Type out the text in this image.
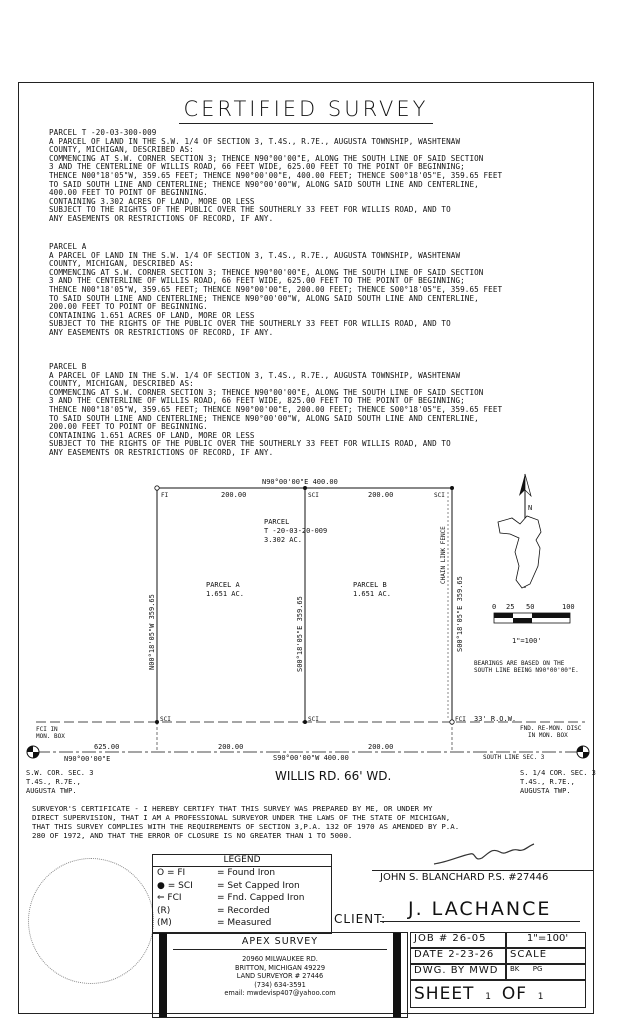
CERTIFIED SURVEY
PARCEL T -20-03-300-009
A PARCEL OF LAND IN THE S.W. 1/4 OF SECTION 3, T.4S., R.7E., AUGUSTA TOWNSHIP, WASHTENAW
COUNTY, MICHIGAN, DESCRIBED AS:
COMMENCING AT S.W. CORNER SECTION 3; THENCE N90°00'00"E, ALONG THE SOUTH LINE OF SAID SECTION
3 AND THE CENTERLINE OF WILLIS ROAD, 66 FEET WIDE, 625.00 FEET TO THE POINT OF BEGINNING;
THENCE N00°18'05"W, 359.65 FEET; THENCE N90°00'00"E, 400.00 FEET; THENCE S00°18'05"E, 359.65 FEET
TO SAID SOUTH LINE AND CENTERLINE; THENCE N90°00'00"W, ALONG SAID SOUTH LINE AND CENTERLINE,
400.00 FEET TO POINT OF BEGINNING.
CONTAINING 3.302 ACRES OF LAND, MORE OR LESS
SUBJECT TO THE RIGHTS OF THE PUBLIC OVER THE SOUTHERLY 33 FEET FOR WILLIS ROAD, AND TO
ANY EASEMENTS OR RESTRICTIONS OF RECORD, IF ANY.
PARCEL A
A PARCEL OF LAND IN THE S.W. 1/4 OF SECTION 3, T.4S., R.7E., AUGUSTA TOWNSHIP, WASHTENAW
COUNTY, MICHIGAN, DESCRIBED AS:
COMMENCING AT S.W. CORNER SECTION 3; THENCE N90°00'00"E, ALONG THE SOUTH LINE OF SAID SECTION
3 AND THE CENTERLINE OF WILLIS ROAD, 66 FEET WIDE, 625.00 FEET TO THE POINT OF BEGINNING;
THENCE N00°18'05"W, 359.65 FEET; THENCE N90°00'00"E, 200.00 FEET; THENCE S00°18'05"E, 359.65 FEET
TO SAID SOUTH LINE AND CENTERLINE; THENCE N90°00'00"W, ALONG SAID SOUTH LINE AND CENTERLINE,
200.00 FEET TO POINT OF BEGINNING.
CONTAINING 1.651 ACRES OF LAND, MORE OR LESS
SUBJECT TO THE RIGHTS OF THE PUBLIC OVER THE SOUTHERLY 33 FEET FOR WILLIS ROAD, AND TO
ANY EASEMENTS OR RESTRICTIONS OF RECORD, IF ANY.
PARCEL B
A PARCEL OF LAND IN THE S.W. 1/4 OF SECTION 3, T.4S., R.7E., AUGUSTA TOWNSHIP, WASHTENAW
COUNTY, MICHIGAN, DESCRIBED AS:
COMMENCING AT S.W. CORNER SECTION 3; THENCE N90°00'00"E, ALONG THE SOUTH LINE OF SAID SECTION
3 AND THE CENTERLINE OF WILLIS ROAD, 66 FEET WIDE, 825.00 FEET TO THE POINT OF BEGINNING;
THENCE N00°18'05"W, 359.65 FEET; THENCE N90°00'00"E, 200.00 FEET; THENCE S00°18'05"E, 359.65 FEET
TO SAID SOUTH LINE AND CENTERLINE; THENCE N90°00'00"W, ALONG SAID SOUTH LINE AND CENTERLINE,
200.00 FEET TO POINT OF BEGINNING.
CONTAINING 1.651 ACRES OF LAND, MORE OR LESS
SUBJECT TO THE RIGHTS OF THE PUBLIC OVER THE SOUTHERLY 33 FEET FOR WILLIS ROAD, AND TO
ANY EASEMENTS OR RESTRICTIONS OF RECORD, IF ANY.
N90°00'00"E 400.00
200.00	200.00
FI	SCI	SCI
PARCEL T -20-03-20-009 3.302 AC.
PARCEL A 1.651 AC.
PARCEL B 1.651 AC.
N00°18'05"W 359.65	S00°18'05"E 359.65	S00°18'05"E 359.65
CHAIN LINK FENCE
SCI	SCI	FCI 33' R.O.W.
FCI IN MON. BOX
FND. RE-MON. DISC IN MON. BOX
625.00
N90°00'00"E
200.00	200.00
S90°00'00"W 400.00	SOUTH LINE SEC. 3
S.W. COR. SEC. 3 T.4S., R.7E., AUGUSTA TWP.
S. 1/4 COR. SEC. 3 T.4S., R.7E., AUGUSTA TWP.
WILLIS RD. 66' WD.
N
0 25 50	100
1"=100'
BEARINGS ARE BASED ON THE SOUTH LINE BEING N90°00'00"E.
SURVEYOR'S CERTIFICATE - I HEREBY CERTIFY THAT THIS SURVEY WAS PREPARED BY ME, OR UNDER MY
DIRECT SUPERVISION, THAT I AM A PROFESSIONAL SURVEYOR UNDER THE LAWS OF THE STATE OF MICHIGAN,
THAT THIS SURVEY COMPLIES WITH THE REQUIREMENTS OF SECTION 3,P.A. 132 OF 1970 AS AMENDED BY P.A.
280 OF 1972, AND THAT THE ERROR OF CLOSURE IS NO GREATER THAN 1 TO 5000.
LEGEND
O = FI	= Found Iron
● = SCI	= Set Capped Iron
⇐ FCI	= Fnd. Capped Iron
(R)	= Recorded
(M)	= Measured
JOHN S. BLANCHARD P.S. #27446
CLIENT: J. LACHANCE
APEX SURVEY
20960 MILWAUKEE RD.
BRITTON, MICHIGAN 49229
LAND SURVEYOR # 27446
(734) 634-3591
email: mwdevisp407@yahoo.com
JOB # 26-05	1"=100'
DATE 2-23-26	SCALE
DWG. BY MWD	BK PG
SHEET 1 OF 1
